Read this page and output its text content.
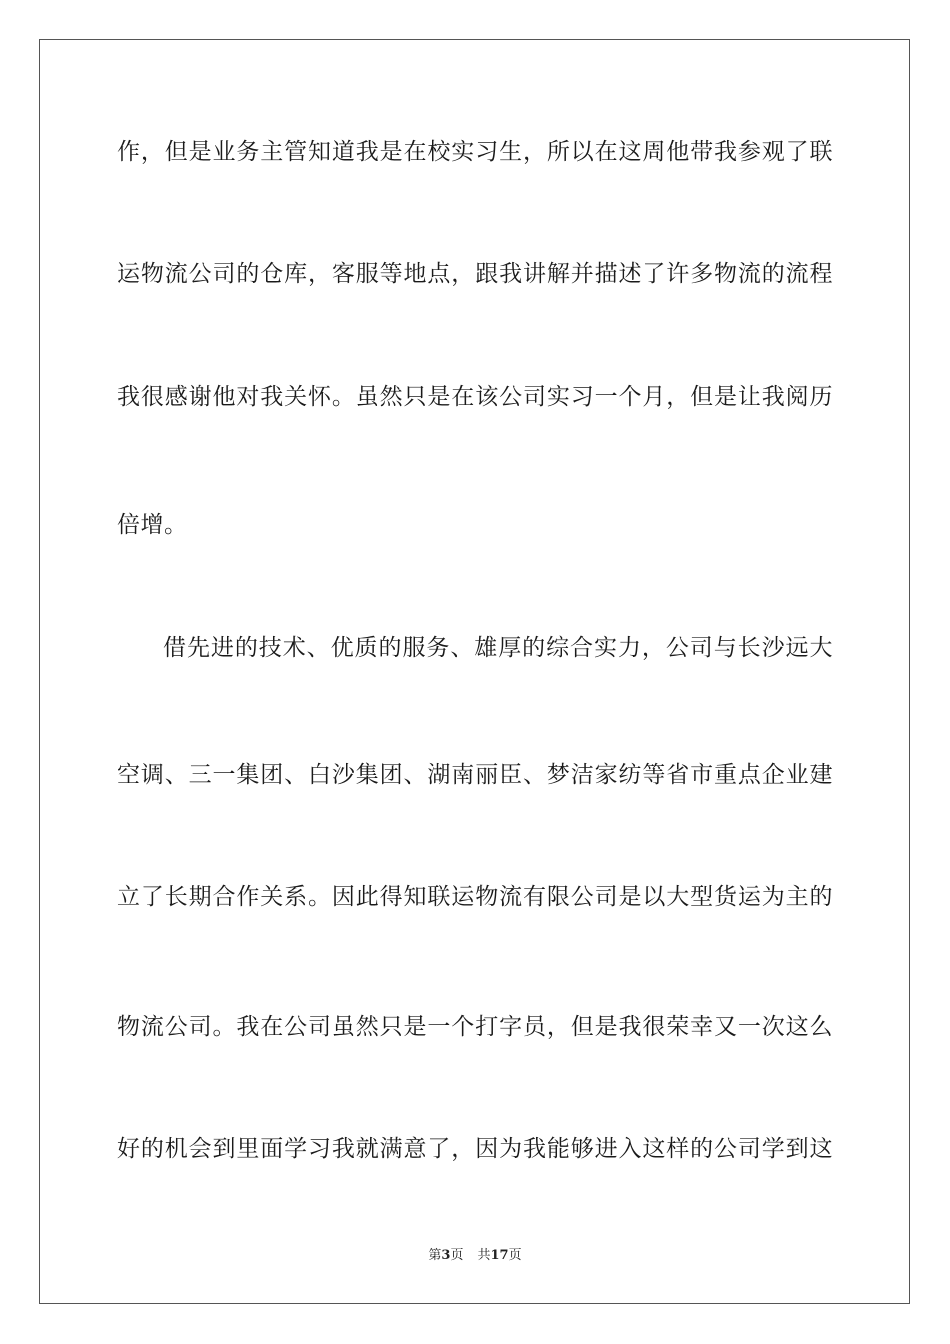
作，但是业务主管知道我是在校实习生，所以在这周他带我参观了联
运物流公司的仓库，客服等地点，跟我讲解并描述了许多物流的流程
我很感谢他对我关怀。虽然只是在该公司实习一个月，但是让我阅历
倍增。
借先进的技术、优质的服务、雄厚的综合实力，公司与长沙远大
空调、三一集团、白沙集团、湖南丽臣、梦洁家纺等省市重点企业建
立了长期合作关系。因此得知联运物流有限公司是以大型货运为主的
物流公司。我在公司虽然只是一个打字员，但是我很荣幸又一次这么
好的机会到里面学习我就满意了，因为我能够进入这样的公司学到这
第3页 共17页
